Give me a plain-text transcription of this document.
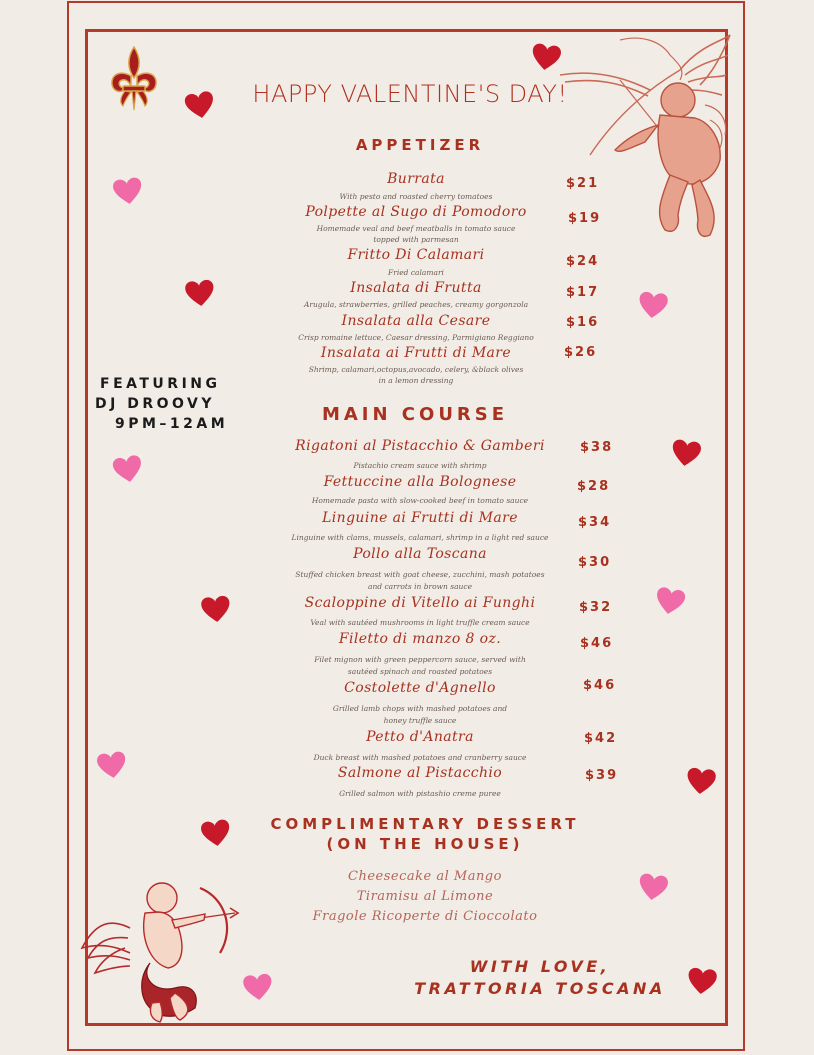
HAPPY VALENTINE'S DAY!
FEATURING
DJ DROOVY
9PM–12AM
APPETIZER
Burrata
With pesto and roasted cherry tomatoes
$21
Polpette al Sugo di Pomodoro
Homemade veal and beef meatballs in tomato sauce
topped with parmesan
$19
Fritto Di Calamari
Fried calamari
$24
Insalata di Frutta
Arugula, strawberries, grilled peaches, creamy gorgonzola
$17
Insalata alla Cesare
Crisp romaine lettuce, Caesar dressing, Parmigiano Reggiano
$16
Insalata ai Frutti di Mare
Shrimp, calamari,octopus,avocado, celery, &black olives
in a lemon dressing
$26
MAIN COURSE
Rigatoni al Pistacchio & Gamberi
Pistachio cream sauce with shrimp
$38
Fettuccine alla Bolognese
Homemade pasta with slow-cooked beef in tomato sauce
$28
Linguine ai Frutti di Mare
Linguine with clams, mussels, calamari, shrimp in a light red sauce
$34
Pollo alla Toscana
Stuffed chicken breast with goat cheese, zucchini, mash potatoes
and carrots in brown sauce
$30
Scaloppine di Vitello ai Funghi
Veal with sautéed mushrooms in light truffle cream sauce
$32
Filetto di manzo 8 oz.
Filet mignon with green peppercorn sauce, served with
sautéed spinach and roasted potatoes
$46
Costolette d'Agnello
Grilled lamb chops with mashed potatoes and
honey truffle sauce
$46
Petto d'Anatra
Duck breast with mashed potatoes and cranberry sauce
$42
Salmone al Pistacchio
Grilled salmon with pistashio creme puree
$39
COMPLIMENTARY DESSERT
(ON THE HOUSE)
Cheesecake al Mango
Tiramisu al Limone
Fragole Ricoperte di Cioccolato
WITH LOVE,
TRATTORIA TOSCANA
